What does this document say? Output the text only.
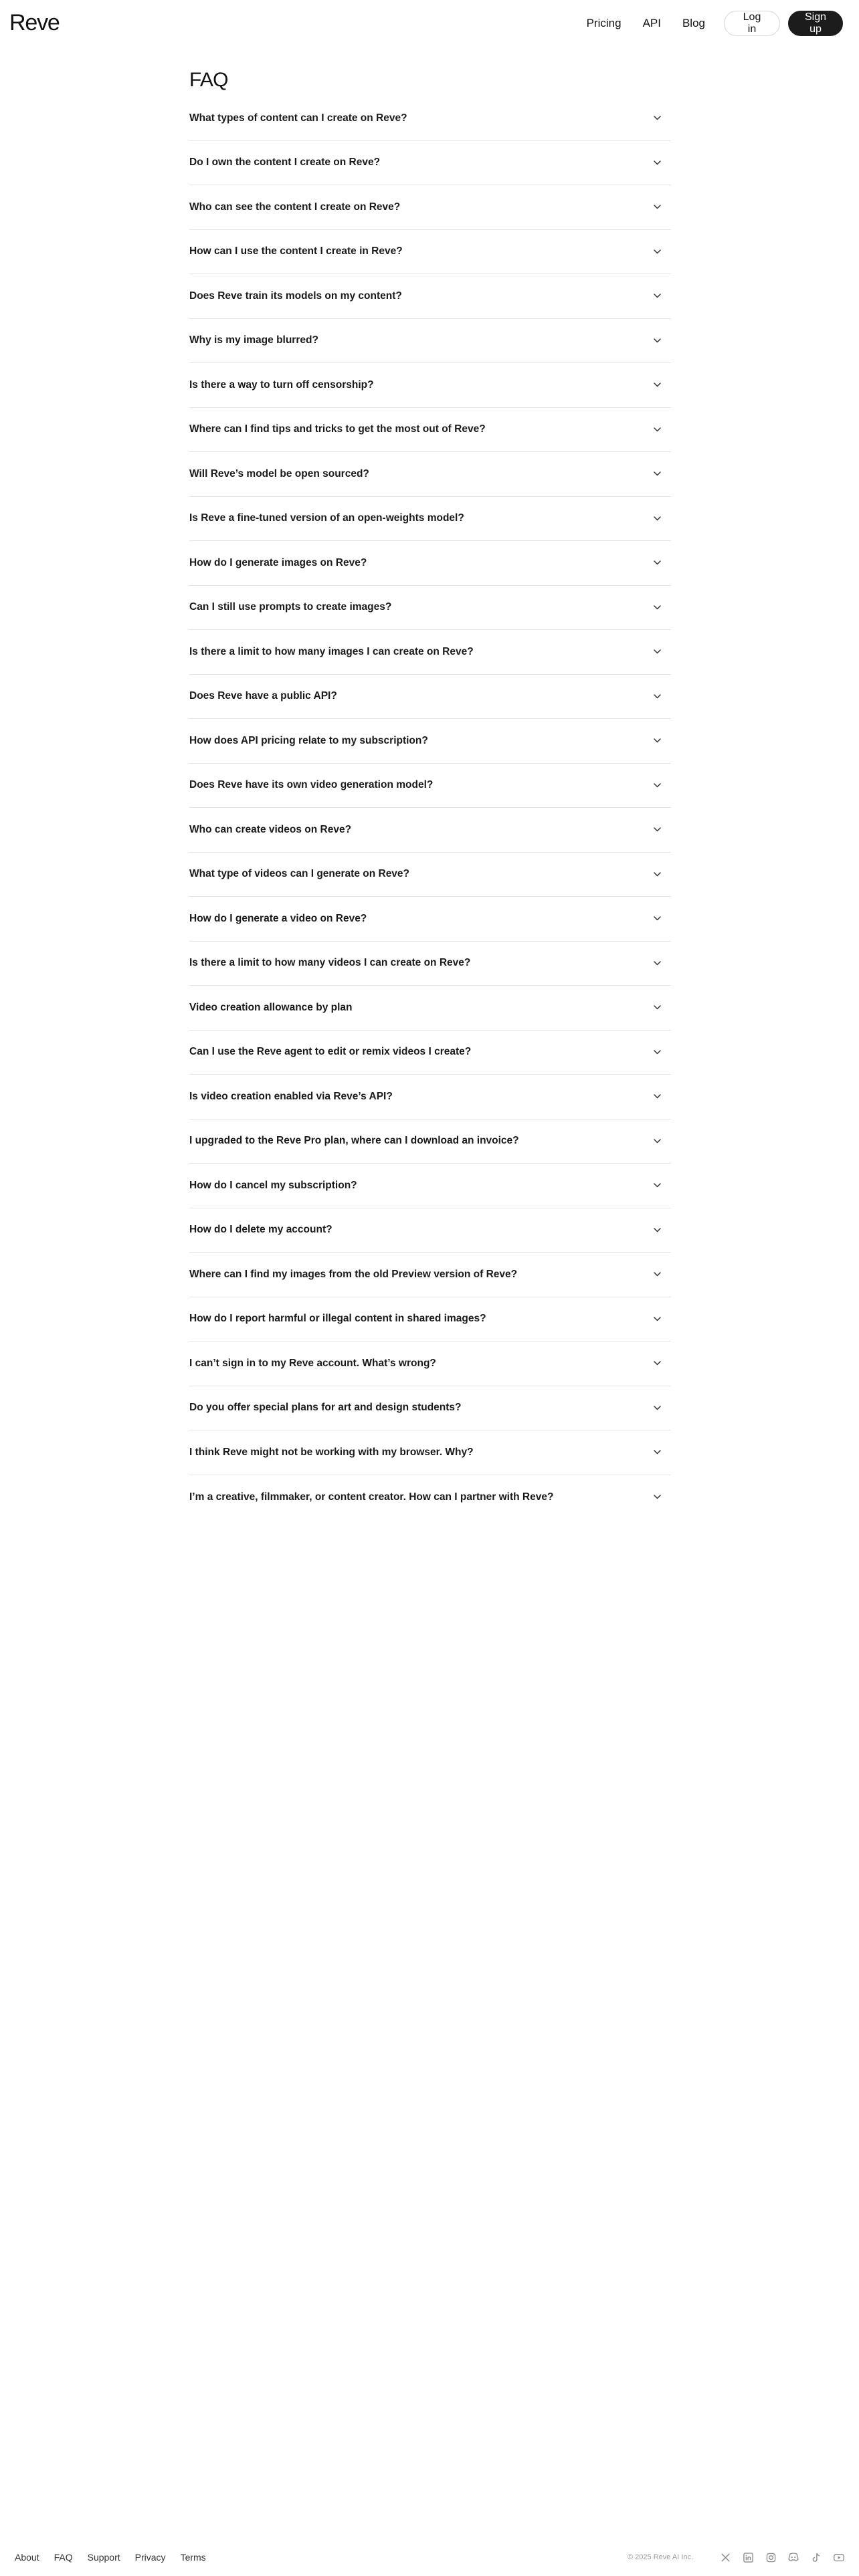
Reve	Pricing API Blog	Log in
Sign up
FAQ
What types of content can I create on Reve?
Do I own the content I create on Reve?
Who can see the content I create on Reve?
How can I use the content I create in Reve?
Does Reve train its models on my content?
Why is my image blurred?
Is there a way to turn off censorship?
Where can I find tips and tricks to get the most out of Reve?
Will Reve’s model be open sourced?
Is Reve a fine-tuned version of an open-weights model?
How do I generate images on Reve?
Can I still use prompts to create images?
Is there a limit to how many images I can create on Reve?
Does Reve have a public API?
How does API pricing relate to my subscription?
Does Reve have its own video generation model?
Who can create videos on Reve?
What type of videos can I generate on Reve?
How do I generate a video on Reve?
Is there a limit to how many videos I can create on Reve?
Video creation allowance by plan
Can I use the Reve agent to edit or remix videos I create?
Is video creation enabled via Reve’s API?
I upgraded to the Reve Pro plan, where can I download an invoice?
How do I cancel my subscription?
How do I delete my account?
Where can I find my images from the old Preview version of Reve?
How do I report harmful or illegal content in shared images?
I can’t sign in to my Reve account. What’s wrong?
Do you offer special plans for art and design students?
I think Reve might not be working with my browser. Why?
I’m a creative, filmmaker, or content creator. How can I partner with Reve?
About FAQ Support Privacy Terms	© 2025 Reve AI Inc.
